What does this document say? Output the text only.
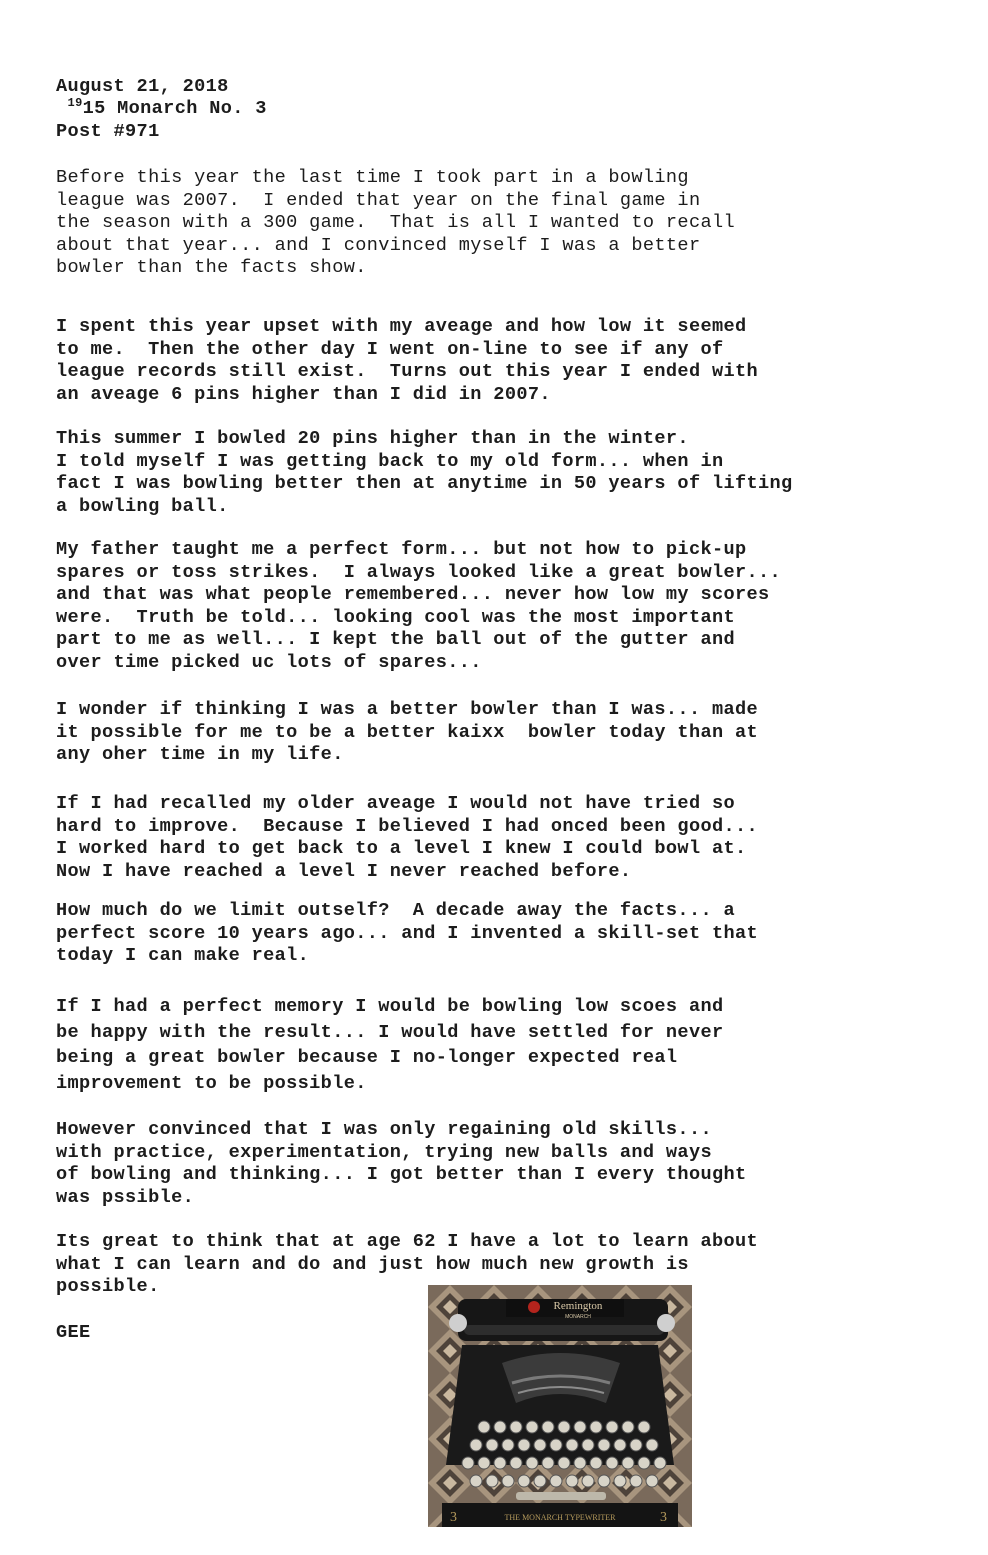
August 21, 2018
$^{19}$15 Monarch No. 3
Post #971
Before this year the last time I took part in a bowling
league was 2007.  I ended that year on the final game in
the season with a 300 game.  That is all I wanted to recall
about that year... and I convinced myself I was a better
bowler than the facts show.
I spent this year upset with my aveage and how low it seemed
to me.  Then the other day I went on-line to see if any of
league records still exist.  Turns out this year I ended with
an aveage 6 pins higher than I did in 2007.
This summer I bowled 20 pins higher than in the winter.
I told myself I was getting back to my old form... when in
fact I was bowling better then at anytime in 50 years of lifting
a bowling ball.
My father taught me a perfect form... but not how to pick-up
spares or toss strikes.  I always looked like a great bowler...
and that was what people remembered... never how low my scores
were.  Truth be told... looking cool was the most important
part to me as well... I kept the ball out of the gutter and
over time picked uc lots of spares...
I wonder if thinking I was a better bowler than I was... made
it possible for me to be a better kaixx  bowler today than at
any oher time in my life.
If I had recalled my older aveage I would not have tried so
hard to improve.  Because I believed I had onced been good...
I worked hard to get back to a level I knew I could bowl at.
Now I have reached a level I never reached before.
How much do we limit outself?  A decade away the facts... a
perfect score 10 years ago... and I invented a skill-set that
today I can make real.
If I had a perfect memory I would be bowling low scoes and
be happy with the result... I would have settled for never
being a great bowler because I no-longer expected real
improvement to be possible.
However convinced that I was only regaining old skills...
with practice, experimentation, trying new balls and ways
of bowling and thinking... I got better than I every thought
was pssible.
Its great to think that at age 62 I have a lot to learn about
what I can learn and do and just how much new growth is
possible.
GEE
Remington
MONARCH
3	THE MONARCH TYPEWRITER	3
